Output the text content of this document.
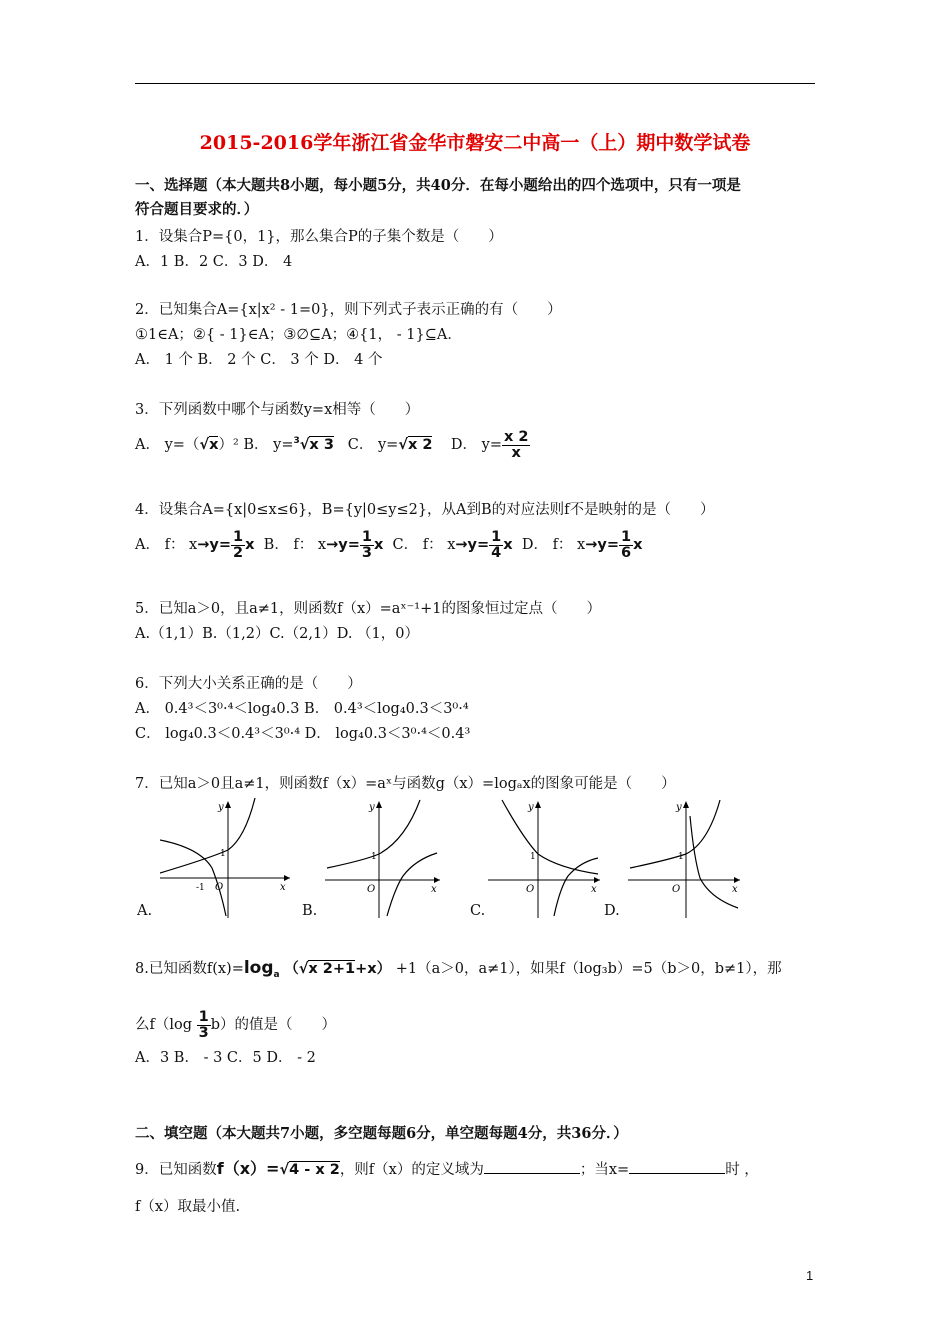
2015-2016学年浙江省金华市磐安二中高一（上）期中数学试卷
一、选择题（本大题共8小题，每小题5分，共40分．在每小题给出的四个选项中，只有一项是
符合题目要求的．）
1．设集合P={0，1}，那么集合P的子集个数是（　　）
A．1 B．2 C．3 D． 4
2．已知集合A={x|x² - 1=0}，则下列式子表示正确的有（　　）
①1∈A；②{ - 1}∈A；③∅⊆A；④{1， - 1}⊆A．
A． 1 个 B． 2 个 C． 3 个 D． 4 个
3．下列函数中哪个与函数y=x相等（　　）
A． y=（√x）² B． y=$^3$√x 3 C． y=√x 2 D． $y= \frac{x 2}{x}$
4．设集合A={x|0≤x≤6}，B={y|0≤y≤2}，从A到B的对应法则f不是映射的是（　　）
A． f： $x\to y= \frac{1}{2}$ x B． f： $x\to y= \frac{1}{3}$ x C． f： $x\to y= \frac{1}{4}$ x D． f： $x\to y= \frac{1}{6}$ x
5．已知a＞0，且a≠1，则函数f（x）=aˣ⁻¹+1的图象恒过定点（　　）
A.（1,1）B.（1,2）C.（2,1）D. （1，0）
6．下列大小关系正确的是（　　）
A． 0.4³＜3⁰·⁴＜log₄0.3 B． 0.4³＜log₄0.3＜3⁰·⁴
C． log₄0.3＜0.4³＜3⁰·⁴ D． log₄0.3＜3⁰·⁴＜0.4³
7．已知a＞0且a≠1，则函数f（x）=aˣ与函数g（x）=logₐx的图象可能是（　　）
y
x
O
1
-1
A.
y
x
O
1
B.
y
x
O
1
C.
y
x
O
1
D.
8.已知函数$f(x)=\log_a$ （√x 2+1+x） +1（a＞0，a≠1），如果f（log₃b）=5（b＞0，b≠1），那
么$f(\log \frac{1}{3} b)$的值是（　　）
A．3 B． - 3 C．5 D． - 2
二、填空题（本大题共7小题，多空题每题6分，单空题每题4分，共36分．）
9．已知函数f（x）=√4 - x 2，则f（x）的定义域为	；当x=	时 ，
f（x）取最小值.
1
